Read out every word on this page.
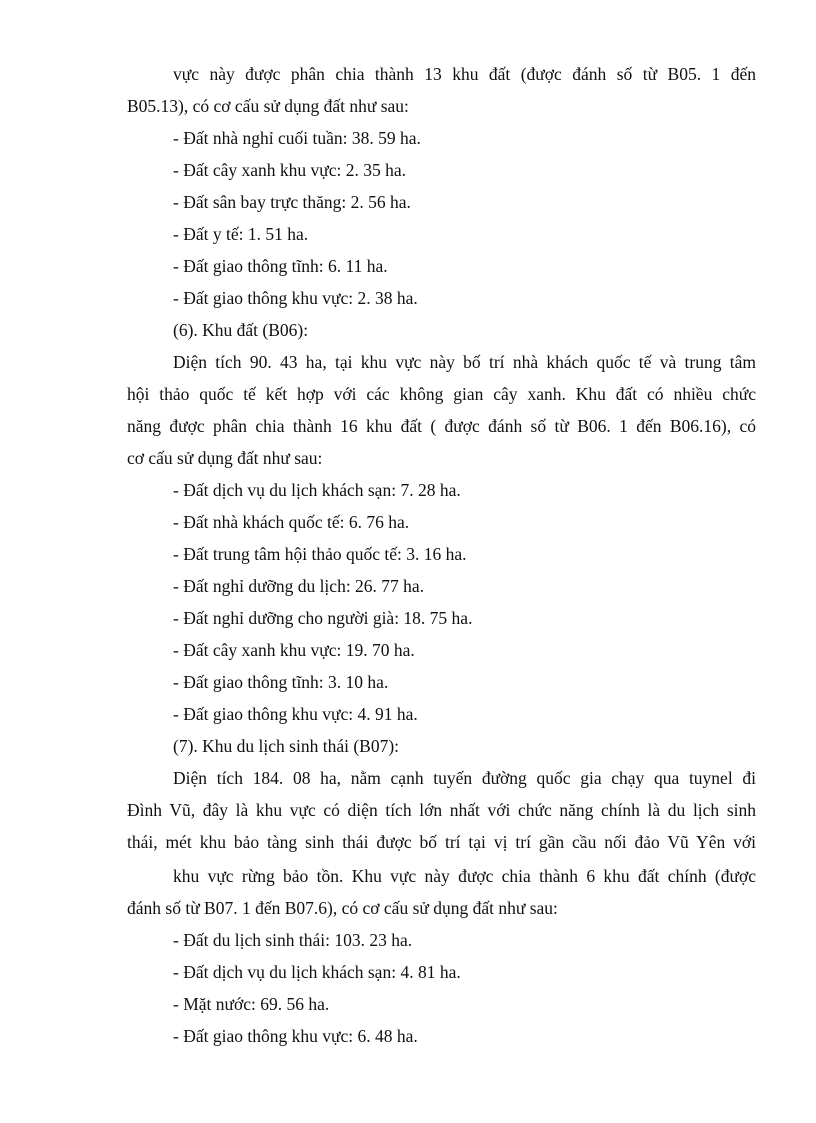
vực này được phân chia thành 13 khu đất (được đánh số từ B05. 1 đến
B05.13), có cơ cấu sử dụng đất như sau:
- Đất nhà nghỉ cuối tuần: 38. 59 ha.
- Đất cây xanh khu vực: 2. 35 ha.
- Đất sân bay trực thăng: 2. 56 ha.
- Đất y tế: 1. 51 ha.
- Đất giao thông tĩnh: 6. 11 ha.
- Đất giao thông khu vực: 2. 38 ha.
(6). Khu đất (B06):
Diện tích 90. 43 ha, tại khu vực này bố trí nhà khách quốc tế và trung tâm
hội thảo quốc tế kết hợp với các không gian cây xanh. Khu đất có nhiều chức
năng được phân chia thành 16 khu đất ( được đánh số từ B06. 1 đến B06.16), có
cơ cấu sử dụng đất như sau:
- Đất dịch vụ du lịch khách sạn: 7. 28 ha.
- Đất nhà khách quốc tế: 6. 76 ha.
- Đất trung tâm hội thảo quốc tế: 3. 16 ha.
- Đất nghỉ dưỡng du lịch: 26. 77 ha.
- Đất nghỉ dưỡng cho người già: 18. 75 ha.
- Đất cây xanh khu vực: 19. 70 ha.
- Đất giao thông tĩnh: 3. 10 ha.
- Đất giao thông khu vực: 4. 91 ha.
(7). Khu du lịch sinh thái (B07):
Diện tích 184. 08 ha, nằm cạnh tuyến đường quốc gia chạy qua tuynel đi
Đình Vũ, đây là khu vực có diện tích lớn nhất với chức năng chính là du lịch sinh
thái, mét khu bảo tàng sinh thái được bố trí tại vị trí gần cầu nối đảo Vũ Yên với
khu vực rừng bảo tồn. Khu vực này được chia thành 6 khu đất chính (được
đánh số từ B07. 1 đến B07.6), có cơ cấu sử dụng đất như sau:
- Đất du lịch sinh thái: 103. 23 ha.
- Đất dịch vụ du lịch khách sạn: 4. 81 ha.
- Mặt nước: 69. 56 ha.
- Đất giao thông khu vực: 6. 48 ha.
